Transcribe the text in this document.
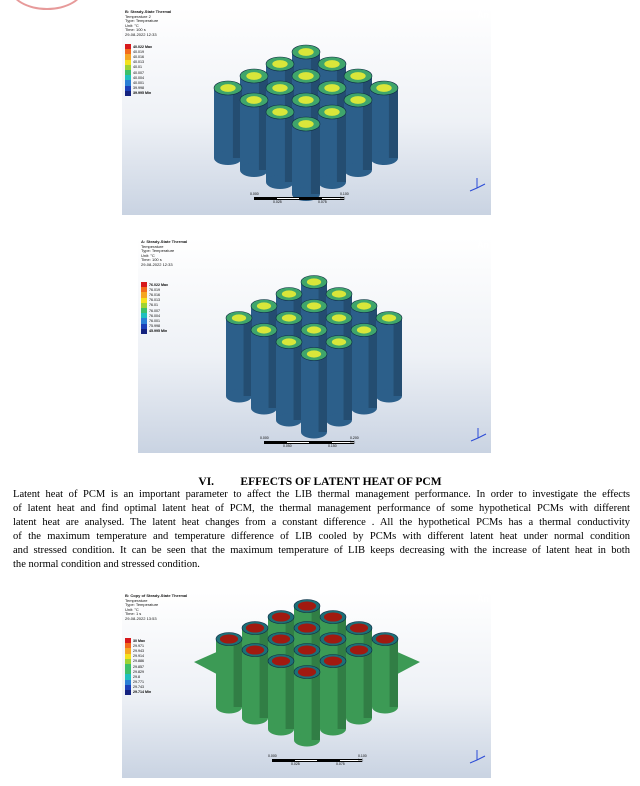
B: Steady-State Thermal
Temperature 2
Type: Temperature
Unit: °C
Time: 100 s
29-08-2022 12:33
40.022 Max
40.019
40.016
40.013
40.01
40.007
40.004
40.001
39.998
39.995 Min
An
0.000	0.100 (m)
0.025	0.075
A: Steady-State Thermal
Temperature
Type: Temperature
Unit: °C
Time: 100 s
29-08-2022 12:33
76.022 Max
76.019
76.016
76.013
76.01
76.007
76.004
76.001
75.998
45.995 Min
An
0.000	0.200 (m)
0.050	0.150
VI. EFFECTS OF LATENT HEAT OF PCM
Latent heat of PCM is an important parameter to affect the LIB thermal management performance. In order to investigate the effects
of latent heat and find optimal latent heat of PCM, the thermal management performance of some hypothetical PCMs with different
latent heat are analysed. The latent heat changes from a constant difference . All the hypothetical PCMs has a thermal conductivity
of the maximum temperature and temperature difference of LIB cooled by PCMs with different latent heat under normal condition
and stressed condition. It can be seen that the maximum temperature of LIB keeps decreasing with the increase of latent heat in both
the normal condition and stressed condition.
B: Copy of Steady-State Thermal
Temperature
Type: Temperature
Unit: °C
Time: 1 s
29-08-2022 13:53
30 Max
29.971
29.943
29.914
29.886
29.857
29.829
29.8
29.771
29.743
29.714 Min
An
0.000	0.100 (m)
0.025	0.075
